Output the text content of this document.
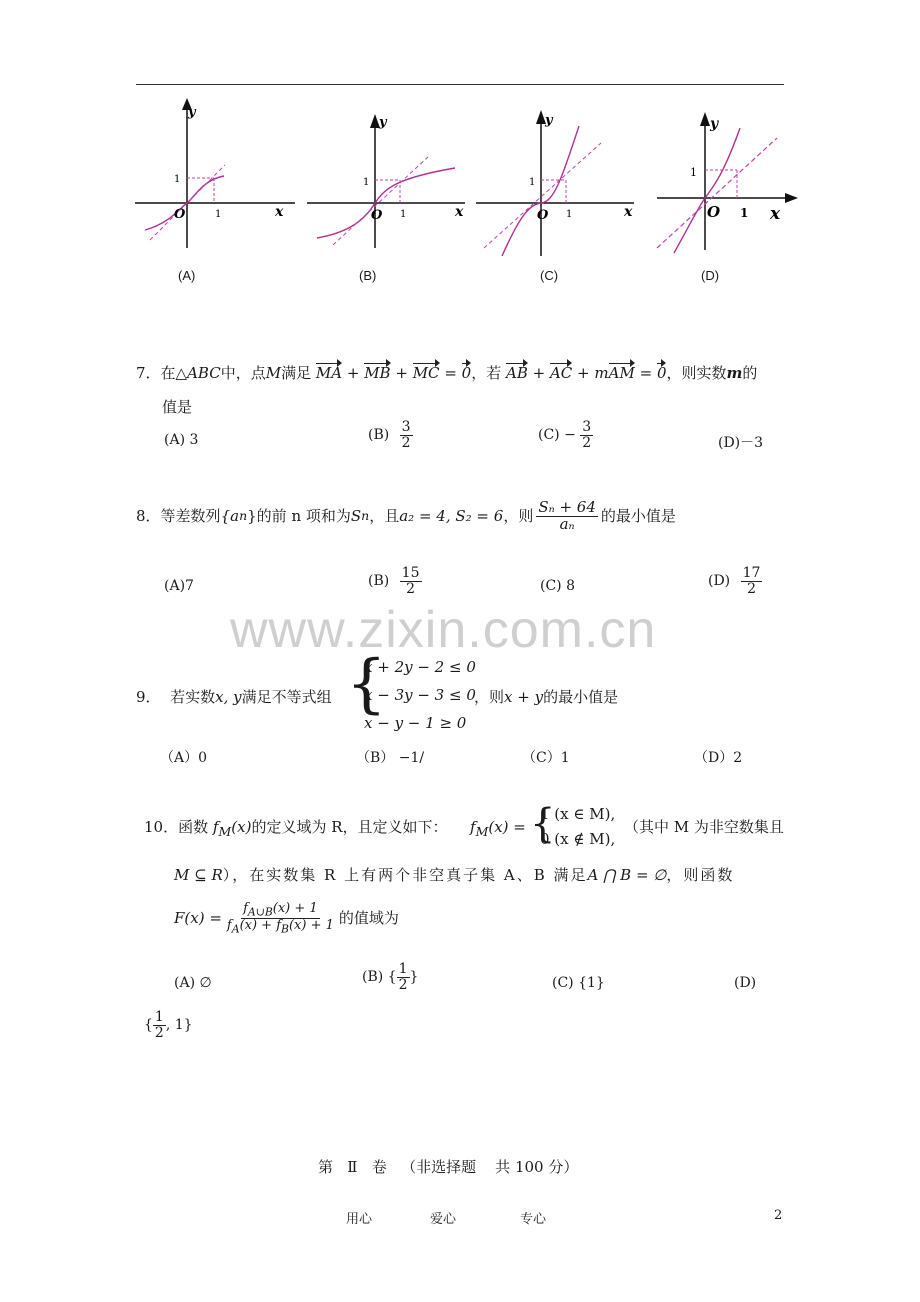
y
x
O
1
1
y
x
O
1
1
y
x
O
1
1
y
x
O
1
1
(A)	(B)	(C)	(D)
7．在△ABC中，点M满足 MA + MB + MC = 0，若 AB + AC + mAM = 0，则实数m的
值是
(A) 3	$(B) \frac{3}{2}$	$(C) - \frac{3}{2}$	(D)－3
8． 等差数列 {a n } 的前 n 项和为 S n ，且 a₂ = 4, S₂ = 6 ，则 $\frac{\text{Sₙ + 64}}{\text{aₙ}}$ 的最小值是
(A)7	$(B) \frac{15}{2}$	(C) 8	$(D) \frac{17}{2}$
www.zixin.com.cn
9． 若实数x, y满足不等式组 {
x + 2y − 2 ≤ 0
x − 3y − 3 ≤ 0
x − y − 1 ≥ 0
，则x + y的最小值是
（A）0	（B） −1/	（C）1	（D）2
10．函数 $f_M(x)$的定义域为 R，且定义如下： $f_M(x)$ = {
1 (x ∈ M),
0 (x ∉ M),
（其中 M 为非空数集且
M ⊆ R），在实数集 R 上有两个非空真子集 A、B 满足A ⋂ B = ∅，则函数
$F(x) = \frac{f_{A\cup B}(x) + 1}{f_A(x) + f_B(x) + 1}$ 的值域为
(A) ∅	(B) { $\frac{1}{2}$ }	(C) {1}	(D)
{ $\frac{1}{2}$ , 1}
第   Ⅱ   卷   （非选择题    共 100 分）
用心	爱心	专心	2
